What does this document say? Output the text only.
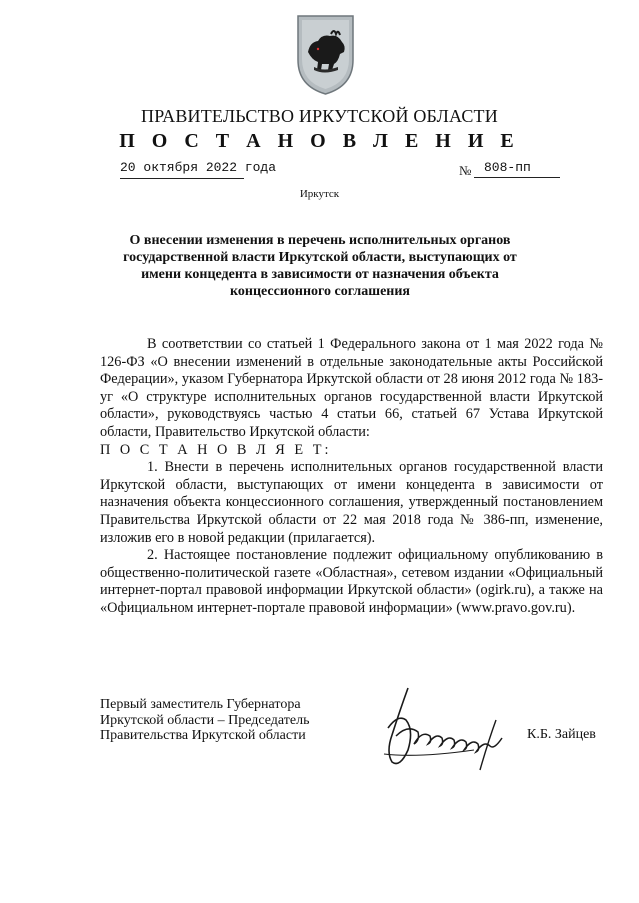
ПРАВИТЕЛЬСТВО ИРКУТСКОЙ ОБЛАСТИ
П О С Т А Н О В Л Е Н И Е
20 октября 2022 года	№ 808-пп
Иркутск
О внесении изменения в перечень исполнительных органов государственной власти Иркутской области, выступающих от имени концедента в зависимости от назначения объекта концессионного соглашения

В соответствии со статьей 1 Федерального закона от 1 мая 2022 года № 126-ФЗ «О внесении изменений в отдельные законодательные акты Российской Федерации», указом Губернатора Иркутской области от 28 июня 2012 года № 183-уг «О структуре исполнительных органов государственной власти Иркутской области», руководствуясь частью 4 статьи 66, статьей 67 Устава Иркутской области, Правительство Иркутской области:

П О С Т А Н О В Л Я Е Т:

1. Внести в перечень исполнительных органов государственной власти Иркутской области, выступающих от имени концедента в зависимости от назначения объекта концессионного соглашения, утвержденный постановлением Правительства Иркутской области от 22 мая 2018 года № 386-пп, изменение, изложив его в новой редакции (прилагается).

2. Настоящее постановление подлежит официальному опубликованию в общественно-политической газете «Областная», сетевом издании «Официальный интернет-портал правовой информации Иркутской области» (ogirk.ru), а также на «Официальном интернет-портале правовой информации» (www.pravo.gov.ru).

Первый заместитель Губернатора
Иркутской области – Председатель
Правительства Иркутской области	К.Б. Зайцев
